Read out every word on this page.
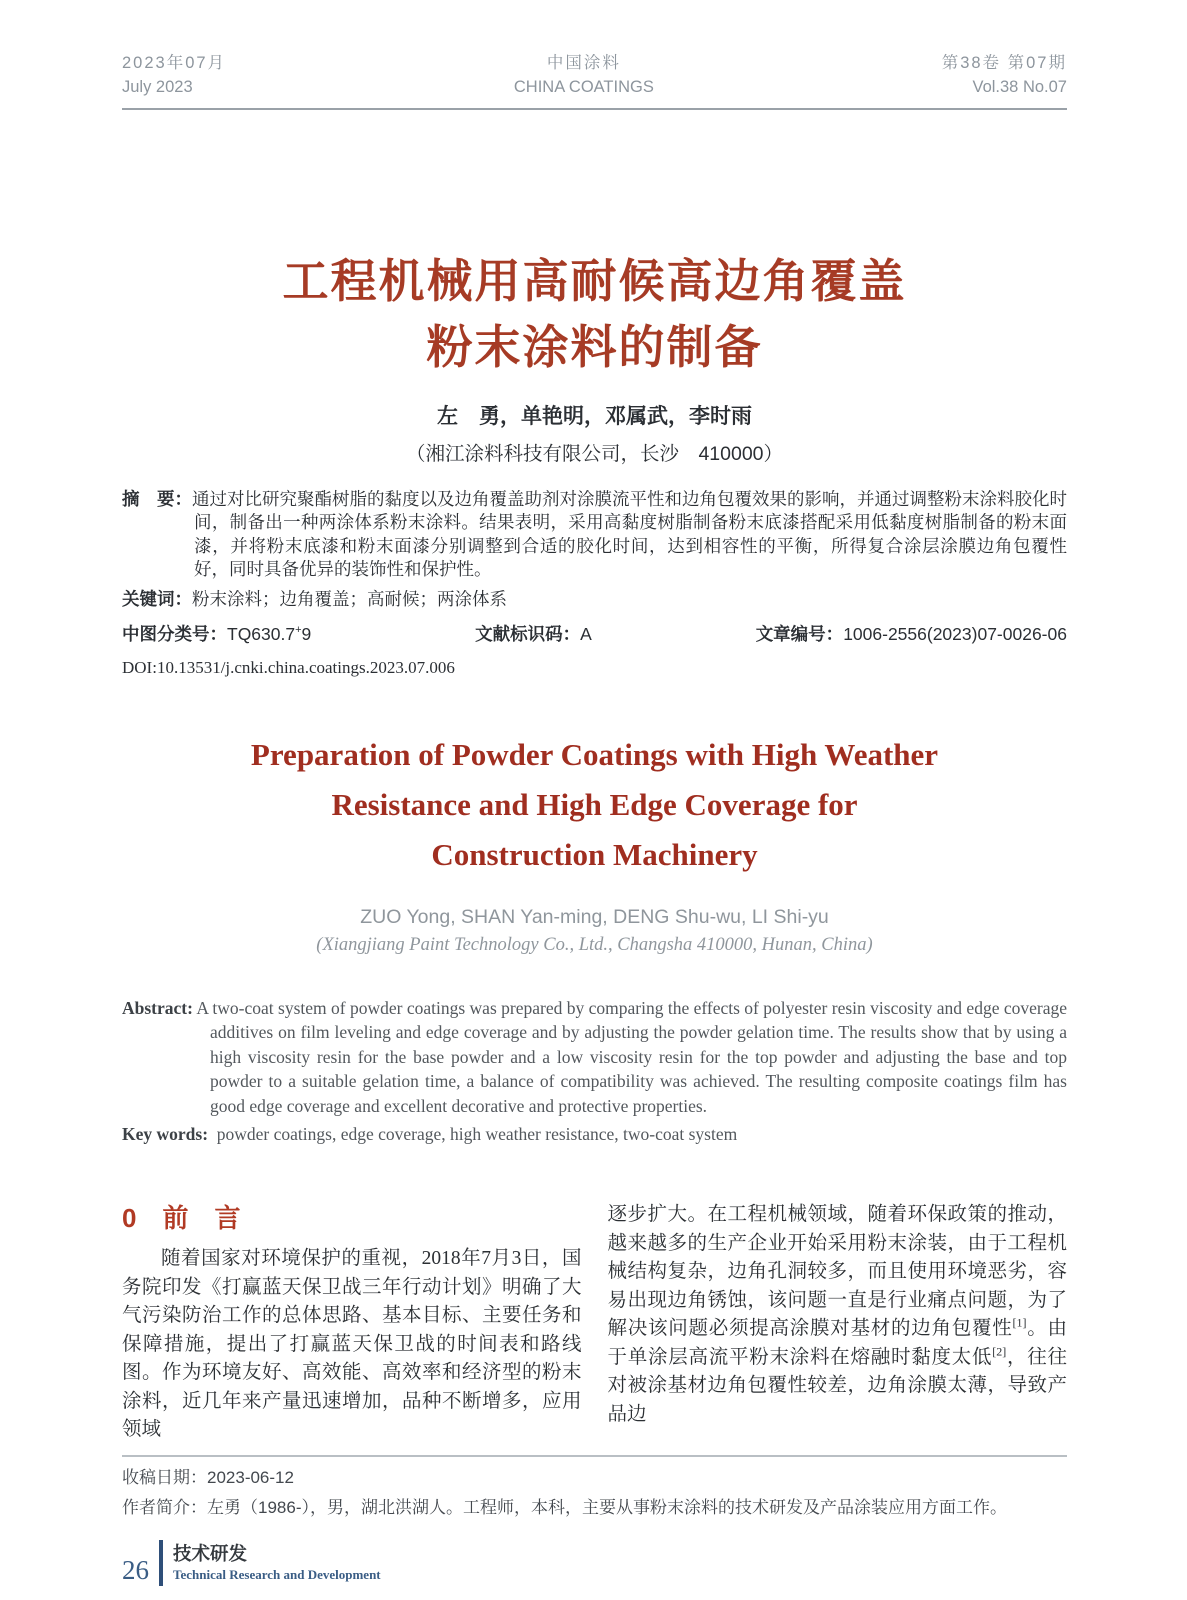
2023年07月
July 2023
中国涂料
CHINA COATINGS
第38卷 第07期
Vol.38 No.07
工程机械用高耐候高边角覆盖
粉末涂料的制备
左　勇，单艳明，邓属武，李时雨
（湘江涂料科技有限公司，长沙　410000）
摘　要：通过对比研究聚酯树脂的黏度以及边角覆盖助剂对涂膜流平性和边角包覆效果的影响，并通过调整粉末涂料胶化时间，制备出一种两涂体系粉末涂料。结果表明，采用高黏度树脂制备粉末底漆搭配采用低黏度树脂制备的粉末面漆，并将粉末底漆和粉末面漆分别调整到合适的胶化时间，达到相容性的平衡，所得复合涂层涂膜边角包覆性好，同时具备优异的装饰性和保护性。
关键词：粉末涂料；边角覆盖；高耐候；两涂体系
中图分类号：TQ630.7+9	文献标识码：A	文章编号：1006-2556(2023)07-0026-06
DOI:10.13531/j.cnki.china.coatings.2023.07.006
Preparation of Powder Coatings with High Weather
Resistance and High Edge Coverage for
Construction Machinery
ZUO Yong, SHAN Yan-ming, DENG Shu-wu, LI Shi-yu
(Xiangjiang Paint Technology Co., Ltd., Changsha 410000, Hunan, China)
Abstract: A two-coat system of powder coatings was prepared by comparing the effects of polyester resin viscosity and edge coverage additives on film leveling and edge coverage and by adjusting the powder gelation time. The results show that by using a high viscosity resin for the base powder and a low viscosity resin for the top powder and adjusting the base and top powder to a suitable gelation time, a balance of compatibility was achieved. The resulting composite coatings film has good edge coverage and excellent decorative and protective properties.
Key words: powder coatings, edge coverage, high weather resistance, two-coat system
0　前　言

随着国家对环境保护的重视，2018年7月3日，国务院印发《打赢蓝天保卫战三年行动计划》明确了大气污染防治工作的总体思路、基本目标、主要任务和保障措施，提出了打赢蓝天保卫战的时间表和路线图。作为环境友好、高效能、高效率和经济型的粉末涂料，近几年来产量迅速增加，品种不断增多，应用领域

逐步扩大。在工程机械领域，随着环保政策的推动，越来越多的生产企业开始采用粉末涂装，由于工程机械结构复杂，边角孔洞较多，而且使用环境恶劣，容易出现边角锈蚀，该问题一直是行业痛点问题，为了解决该问题必须提高涂膜对基材的边角包覆性[1]。由于单涂层高流平粉末涂料在熔融时黏度太低[2]，往往对被涂基材边角包覆性较差，边角涂膜太薄，导致产品边

收稿日期：2023-06-12
作者简介：左勇（1986-），男，湖北洪湖人。工程师，本科，主要从事粉末涂料的技术研发及产品涂装应用方面工作。
26
技术研发
Technical Research and Development
